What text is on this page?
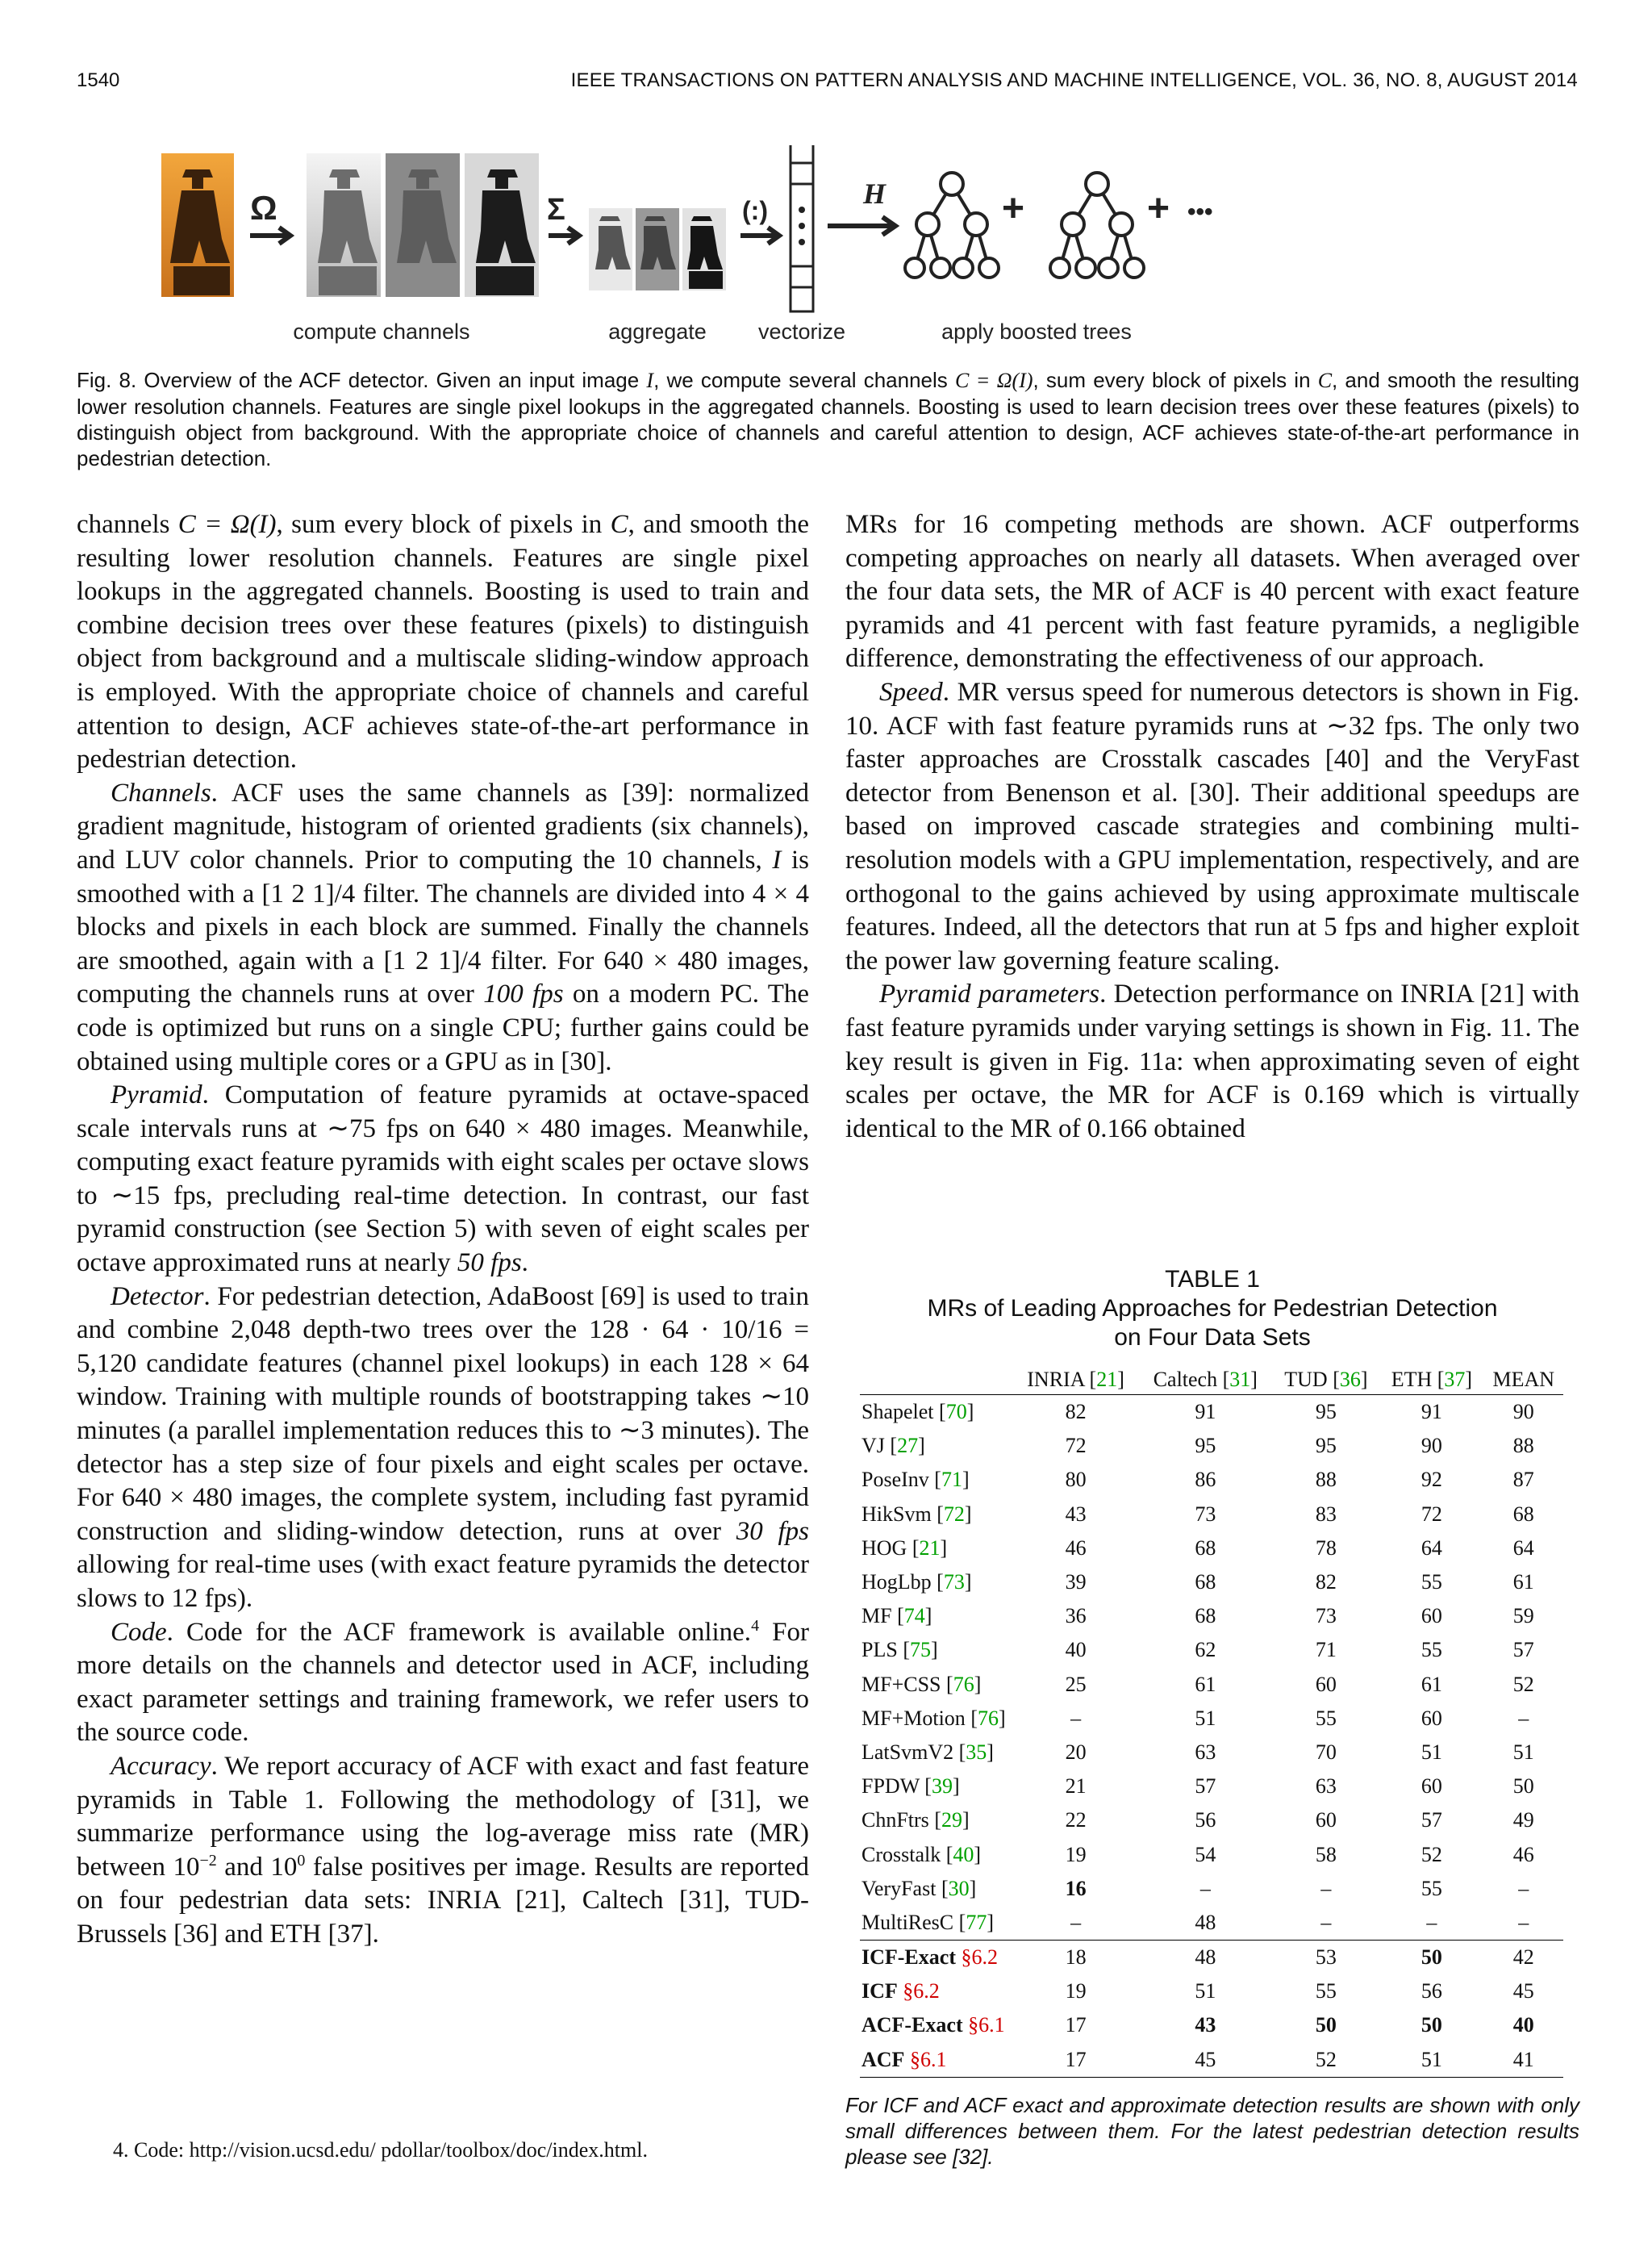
1540	IEEE TRANSACTIONS ON PATTERN ANALYSIS AND MACHINE INTELLIGENCE, VOL. 36, NO. 8, AUGUST 2014
Ω	Σ	(:)
H	+	+ •••
compute channels	aggregate vectorize	apply boosted trees
Fig. 8. Overview of the ACF detector. Given an input image I, we compute several channels C = Ω(I), sum every block of pixels in C, and smooth the resulting lower resolution channels. Features are single pixel lookups in the aggregated channels. Boosting is used to learn decision trees over these features (pixels) to distinguish object from background. With the appropriate choice of channels and careful attention to design, ACF achieves state-of-the-art performance in pedestrian detection.

channels C = Ω(I), sum every block of pixels in C, and smooth the resulting lower resolution channels. Features are single pixel lookups in the aggregated channels. Boosting is used to train and combine decision trees over these features (pixels) to distinguish object from background and a multiscale sliding-window approach is employed. With the appropriate choice of channels and careful attention to design, ACF achieves state-of-the-art performance in pedestrian detection.

Channels. ACF uses the same channels as [39]: normalized gradient magnitude, histogram of oriented gradients (six channels), and LUV color channels. Prior to computing the 10 channels, I is smoothed with a [1 2 1]/4 filter. The channels are divided into 4 × 4 blocks and pixels in each block are summed. Finally the channels are smoothed, again with a [1 2 1]/4 filter. For 640 × 480 images, computing the channels runs at over 100 fps on a modern PC. The code is optimized but runs on a single CPU; further gains could be obtained using multiple cores or a GPU as in [30].

Pyramid. Computation of feature pyramids at octave-spaced scale intervals runs at ∼75 fps on 640 × 480 images. Meanwhile, computing exact feature pyramids with eight scales per octave slows to ∼15 fps, precluding real-time detection. In contrast, our fast pyramid construction (see Section 5) with seven of eight scales per octave approximated runs at nearly 50 fps.

Detector. For pedestrian detection, AdaBoost [69] is used to train and combine 2,048 depth-two trees over the 128 · 64 · 10/16 = 5,120 candidate features (channel pixel lookups) in each 128 × 64 window. Training with multiple rounds of bootstrapping takes ∼10 minutes (a parallel implementation reduces this to ∼3 minutes). The detector has a step size of four pixels and eight scales per octave. For 640 × 480 images, the complete system, including fast pyramid construction and sliding-window detection, runs at over 30 fps allowing for real-time uses (with exact feature pyramids the detector slows to 12 fps).

Code. Code for the ACF framework is available online.$^4$ For more details on the channels and detector used in ACF, including exact parameter settings and training framework, we refer users to the source code.

Accuracy. We report accuracy of ACF with exact and fast feature pyramids in Table 1. Following the methodology of [31], we summarize performance using the log-average miss rate (MR) between $10^{-2}$ and $10^0$ false positives per image. Results are reported on four pedestrian data sets: INRIA [21], Caltech [31], TUD-Brussels [36] and ETH [37].

4. Code: http://vision.ucsd.edu/ pdollar/toolbox/doc/index.html.

MRs for 16 competing methods are shown. ACF outperforms competing approaches on nearly all datasets. When averaged over the four data sets, the MR of ACF is 40 percent with exact feature pyramids and 41 percent with fast feature pyramids, a negligible difference, demonstrating the effectiveness of our approach.

Speed. MR versus speed for numerous detectors is shown in Fig. 10. ACF with fast feature pyramids runs at ∼32 fps. The only two faster approaches are Crosstalk cascades [40] and the VeryFast detector from Benenson et al. [30]. Their additional speedups are based on improved cascade strategies and combining multi-resolution models with a GPU implementation, respectively, and are orthogonal to the gains achieved by using approximate multiscale features. Indeed, all the detectors that run at 5 fps and higher exploit the power law governing feature scaling.

Pyramid parameters. Detection performance on INRIA [21] with fast feature pyramids under varying settings is shown in Fig. 11. The key result is given in Fig. 11a: when approximating seven of eight scales per octave, the MR for ACF is 0.169 which is virtually identical to the MR of 0.166 obtained

TABLE 1
MRs of Leading Approaches for Pedestrian Detection
on Four Data Sets
	INRIA [21]	Caltech [31]	TUD [36]	ETH [37]	MEAN
Shapelet [70]	82	91	95	91	90
VJ [27]	72	95	95	90	88
PoseInv [71]	80	86	88	92	87
HikSvm [72]	43	73	83	72	68
HOG [21]	46	68	78	64	64
HogLbp [73]	39	68	82	55	61
MF [74]	36	68	73	60	59
PLS [75]	40	62	71	55	57
MF+CSS [76]	25	61	60	61	52
MF+Motion [76]	–	51	55	60	–
LatSvmV2 [35]	20	63	70	51	51
FPDW [39]	21	57	63	60	50
ChnFtrs [29]	22	56	60	57	49
Crosstalk [40]	19	54	58	52	46
VeryFast [30]	16	–	–	55	–
MultiResC [77]	–	48	–	–	–
ICF-Exact §6.2	18	48	53	50	42
ICF §6.2	19	51	55	56	45
ACF-Exact §6.1	17	43	50	50	40
ACF §6.1	17	45	52	51	41
For ICF and ACF exact and approximate detection results are shown with only small differences between them. For the latest pedestrian detection results please see [32].
